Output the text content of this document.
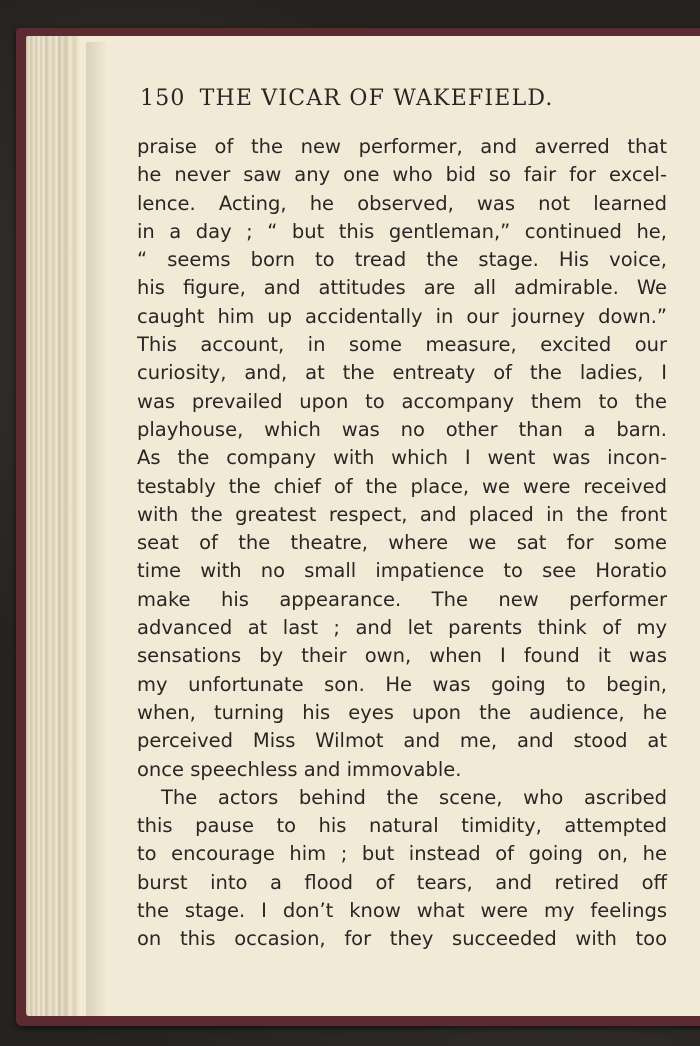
150 THE VICAR OF WAKEFIELD.
praise of the new performer, and averred that
he never saw any one who bid so fair for excel-
lence. Acting, he observed, was not learned
in a day ; “ but this gentleman,” continued he,
“ seems born to tread the stage. His voice,
his figure, and attitudes are all admirable. We
caught him up accidentally in our journey down.”
This account, in some measure, excited our
curiosity, and, at the entreaty of the ladies, I
was prevailed upon to accompany them to the
playhouse, which was no other than a barn.
As the company with which I went was incon-
testably the chief of the place, we were received
with the greatest respect, and placed in the front
seat of the theatre, where we sat for some
time with no small impatience to see Horatio
make his appearance. The new performer
advanced at last ; and let parents think of my
sensations by their own, when I found it was
my unfortunate son. He was going to begin,
when, turning his eyes upon the audience, he
perceived Miss Wilmot and me, and stood at
once speechless and immovable.
The actors behind the scene, who ascribed
this pause to his natural timidity, attempted
to encourage him ; but instead of going on, he
burst into a flood of tears, and retired off
the stage. I don’t know what were my feelings
on this occasion, for they succeeded with too
